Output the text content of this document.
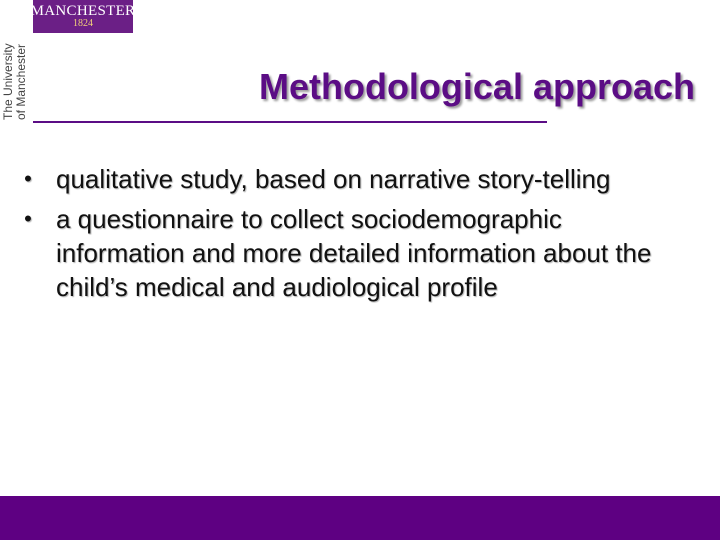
MANCHESTER
1824
The University of Manchester	Methodological approach
• qualitative study, based on narrative story-telling
• a questionnaire to collect sociodemographic information and more detailed information about the child’s medical and audiological profile
